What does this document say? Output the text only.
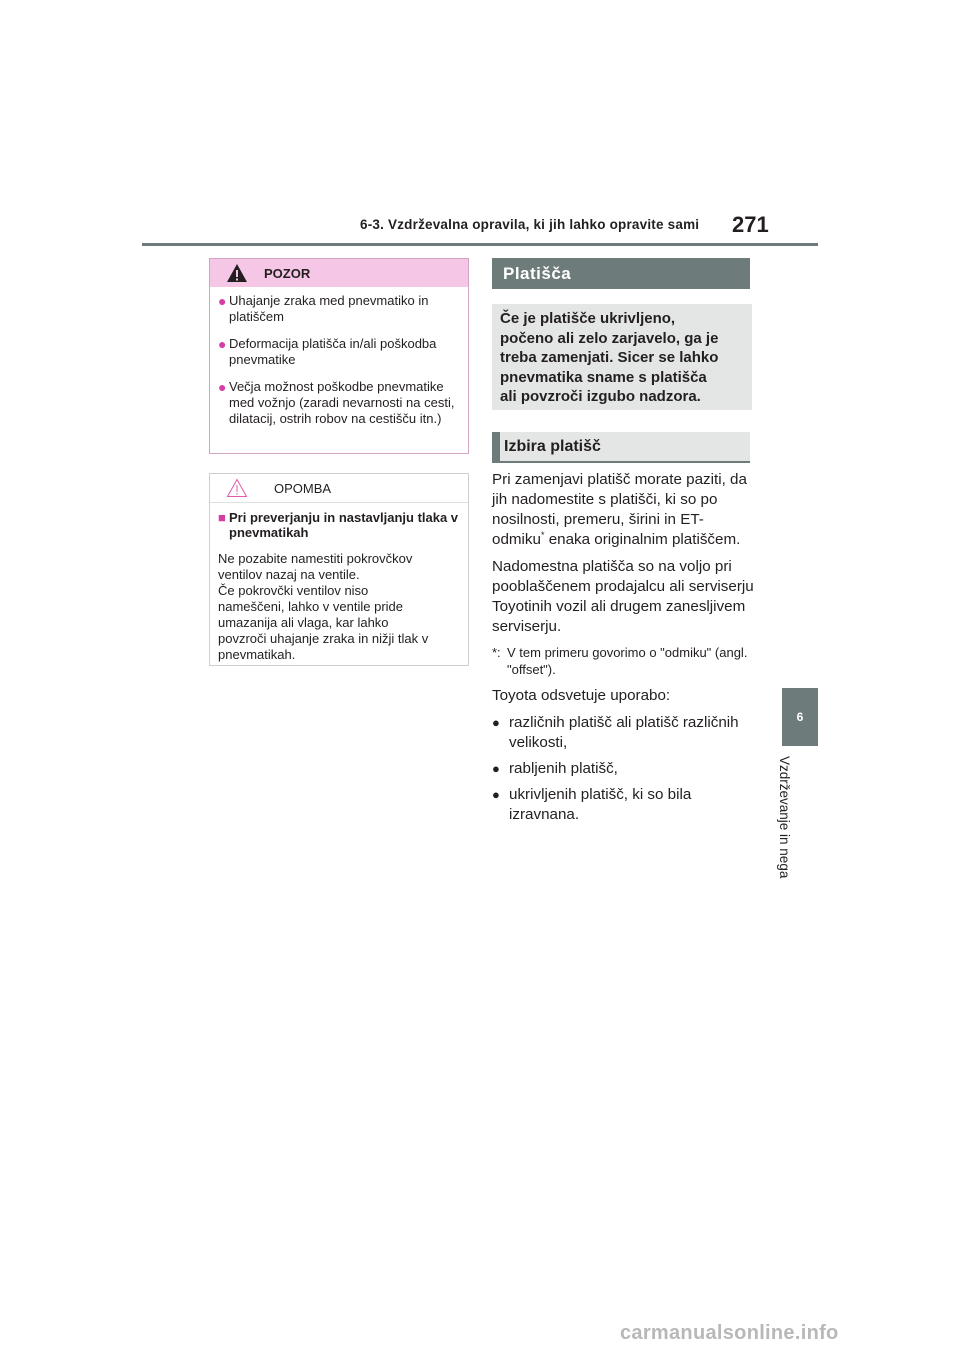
6-3. Vzdrževalna opravila, ki jih lahko opravite sami 271
6
Vzdrževanje in nega
POZOR
● Uhajanje zraka med pnevmatiko in platiščem
● Deformacija platišča in/ali poškodba pnevmatike
● Večja možnost poškodbe pnevmatike med vožnjo (zaradi nevarnosti na cesti, dilatacij, ostrih robov na cestišču itn.)
OPOMBA
■ Pri preverjanju in nastavljanju tlaka v pnevmatikah
Ne pozabite namestiti pokrovčkov
ventilov nazaj na ventile.
Če pokrovčki ventilov niso
nameščeni, lahko v ventile pride
umazanija ali vlaga, kar lahko
povzroči uhajanje zraka in nižji tlak v
pnevmatikah.
Platišča
Če je platišče ukrivljeno,
počeno ali zelo zarjavelo, ga je
treba zamenjati. Sicer se lahko
pnevmatika sname s platišča
ali povzroči izgubo nadzora.
Izbira platišč

Pri zamenjavi platišč morate paziti, da jih nadomestite s platišči, ki so po nosilnosti, premeru, širini in ET-odmiku* enaka originalnim platiščem.

Nadomestna platišča so na voljo pri pooblaščenem prodajalcu ali serviserju Toyotinih vozil ali drugem zanesljivem serviserju.

*: V tem primeru govorimo o "odmiku" (angl. "offset").

Toyota odsvetuje uporabo:

● različnih platišč ali platišč različnih velikosti,
● rabljenih platišč,
● ukrivljenih platišč, ki so bila izravnana.
carmanualsonline.info
